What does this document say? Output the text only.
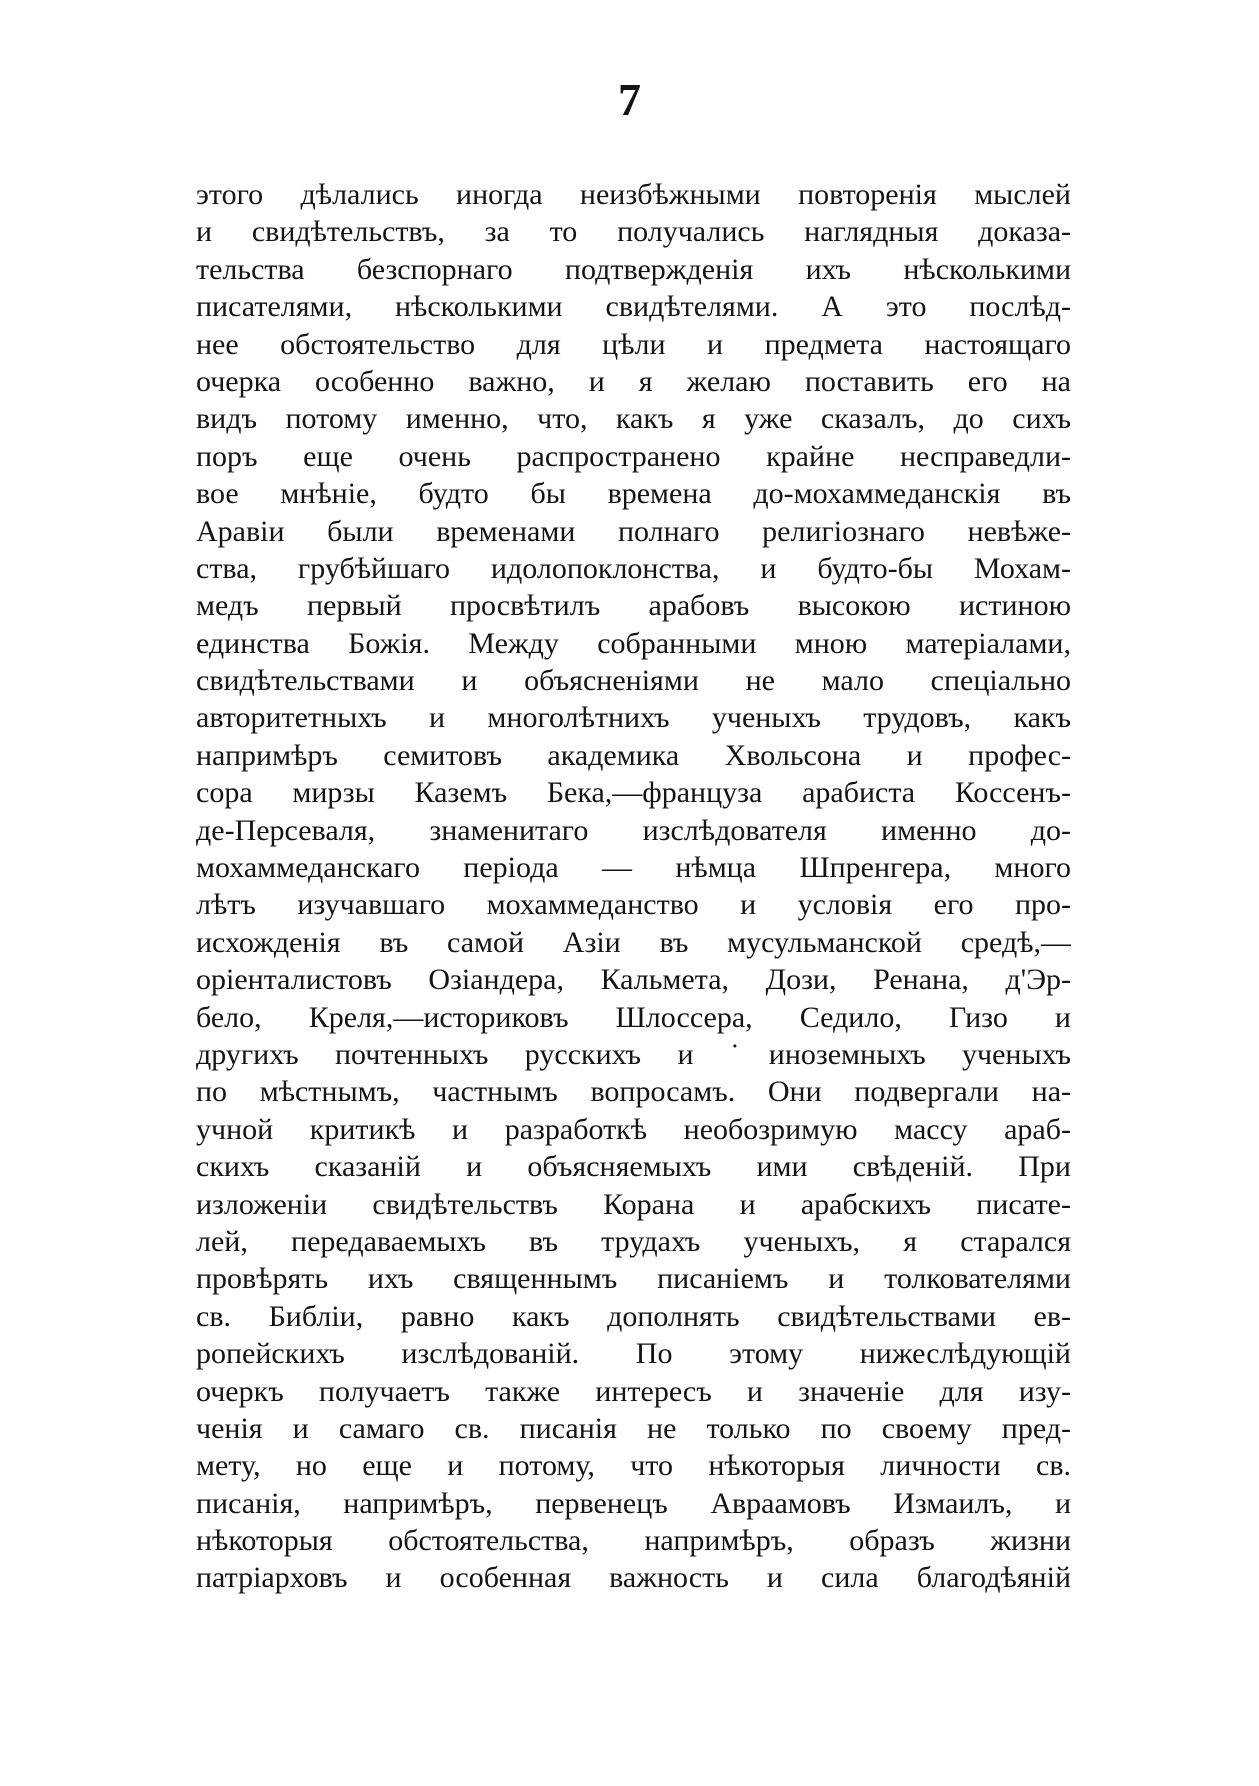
7
этого дѣлались иногда неизбѣжными повторенія мыслей
и свидѣтельствъ, за то получались наглядныя доказа-
тельства безспорнаго подтвержденія ихъ нѣсколькими
писателями, нѣсколькими свидѣтелями. А это послѣд-
нее обстоятельство для цѣли и предмета настоящаго
очерка особенно важно, и я желаю поставить его на
видъ потому именно, что, какъ я уже сказалъ, до сихъ
поръ еще очень распространено крайне несправедли-
вое мнѣніе, будто бы времена до-мохаммеданскія въ
Аравіи были временами полнаго религіознаго невѣже-
ства, грубѣйшаго идолопоклонства, и будто-бы Мохам-
медъ первый просвѣтилъ арабовъ высокою истиною
единства Божія. Между собранными мною матеріалами,
свидѣтельствами и объясненіями не мало спеціально
авторитетныхъ и многолѣтнихъ ученыхъ трудовъ, какъ
напримѣръ семитовъ академика Хвольсона и профес-
сора мирзы Каземъ Бека,—француза арабиста Коссенъ-
де-Персеваля, знаменитаго изслѣдователя именно до-
мохаммеданскаго періода — нѣмца Шпренгера, много
лѣтъ изучавшаго мохаммеданство и условія его про-
исхожденія въ самой Азіи въ мусульманской средѣ,—
оріенталистовъ Озіандера, Кальмета, Дози, Ренана, д'Эр-
бело, Креля,—историковъ Шлоссера, Седило, Гизо и
другихъ почтенныхъ русскихъ и ˙иноземныхъ ученыхъ
по мѣстнымъ, частнымъ вопросамъ. Они подвергали на-
учной критикѣ и разработкѣ необозримую массу араб-
скихъ сказаній и объясняемыхъ ими свѣденій. При
изложеніи свидѣтельствъ Корана и арабскихъ писате-
лей, передаваемыхъ въ трудахъ ученыхъ, я старался
провѣрять ихъ священнымъ писаніемъ и толкователями
св. Библіи, равно какъ дополнять свидѣтельствами ев-
ропейскихъ изслѣдованій. По этому нижеслѣдующій
очеркъ получаетъ также интересъ и значеніе для изу-
ченія и самаго св. писанія не только по своему пред-
мету, но еще и потому, что нѣкоторыя личности св.
писанія, напримѣръ, первенецъ Авраамовъ Измаилъ, и
нѣкоторыя обстоятельства, напримѣръ, образъ жизни
патріарховъ и особенная важность и сила благодѣяній
